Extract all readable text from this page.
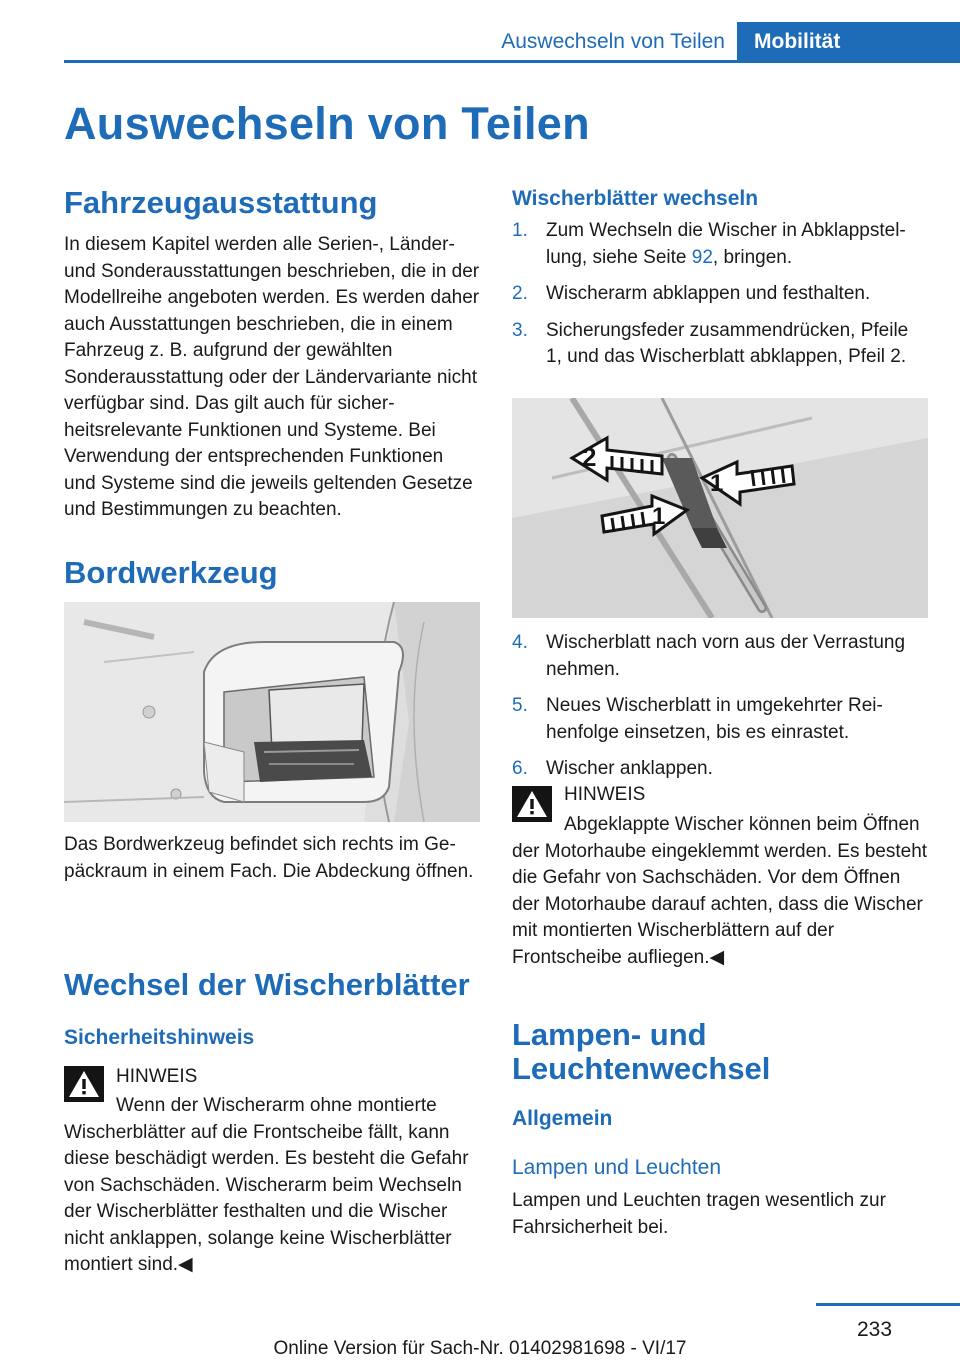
Auswechseln von Teilen	Mobilität
Auswechseln von Teilen
Fahrzeugausstattung
In diesem Kapitel werden alle Serien-, Länder- und Sonderausstattungen beschrieben, die in der Modellreihe angeboten werden. Es werden daher auch Ausstattungen beschrieben, die in einem Fahrzeug z. B. aufgrund der gewählten Sonderausstattung oder der Ländervariante nicht verfügbar sind. Das gilt auch für sicherheitsrelevante Funktionen und Systeme. Bei Verwendung der entsprechenden Funktionen und Systeme sind die jeweils geltenden Gesetze und Bestimmungen zu beachten.
Bordwerkzeug
Das Bordwerkzeug befindet sich rechts im Gepäckraum in einem Fach. Die Abdeckung öffnen.
Wechsel der Wischerblätter
Sicherheitshinweis
HINWEIS
Wenn der Wischerarm ohne montierte Wischerblätter auf die Frontscheibe fällt, kann diese beschädigt werden. Es besteht die Gefahr von Sachschäden. Wischerarm beim Wechseln der Wischerblätter festhalten und die Wischer nicht anklappen, solange keine Wischerblätter montiert sind.◀
Wischerblätter wechseln
1. Zum Wechseln die Wischer in Abklappstellung, siehe Seite 92, bringen.
2. Wischerarm abklappen und festhalten.
3. Sicherungsfeder zusammendrücken, Pfeile 1, und das Wischerblatt abklappen, Pfeil 2.
2
1
1
4. Wischerblatt nach vorn aus der Verrastung nehmen.
5. Neues Wischerblatt in umgekehrter Reihenfolge einsetzen, bis es einrastet.
6. Wischer anklappen.
HINWEIS
Abgeklappte Wischer können beim Öffnen der Motorhaube eingeklemmt werden. Es besteht die Gefahr von Sachschäden. Vor dem Öffnen der Motorhaube darauf achten, dass die Wischer mit montierten Wischerblättern auf der Frontscheibe aufliegen.◀
Lampen- und Leuchtenwechsel
Allgemein
Lampen und Leuchten
Lampen und Leuchten tragen wesentlich zur Fahrsicherheit bei.
233
Online Version für Sach-Nr. 01402981698 - VI/17
